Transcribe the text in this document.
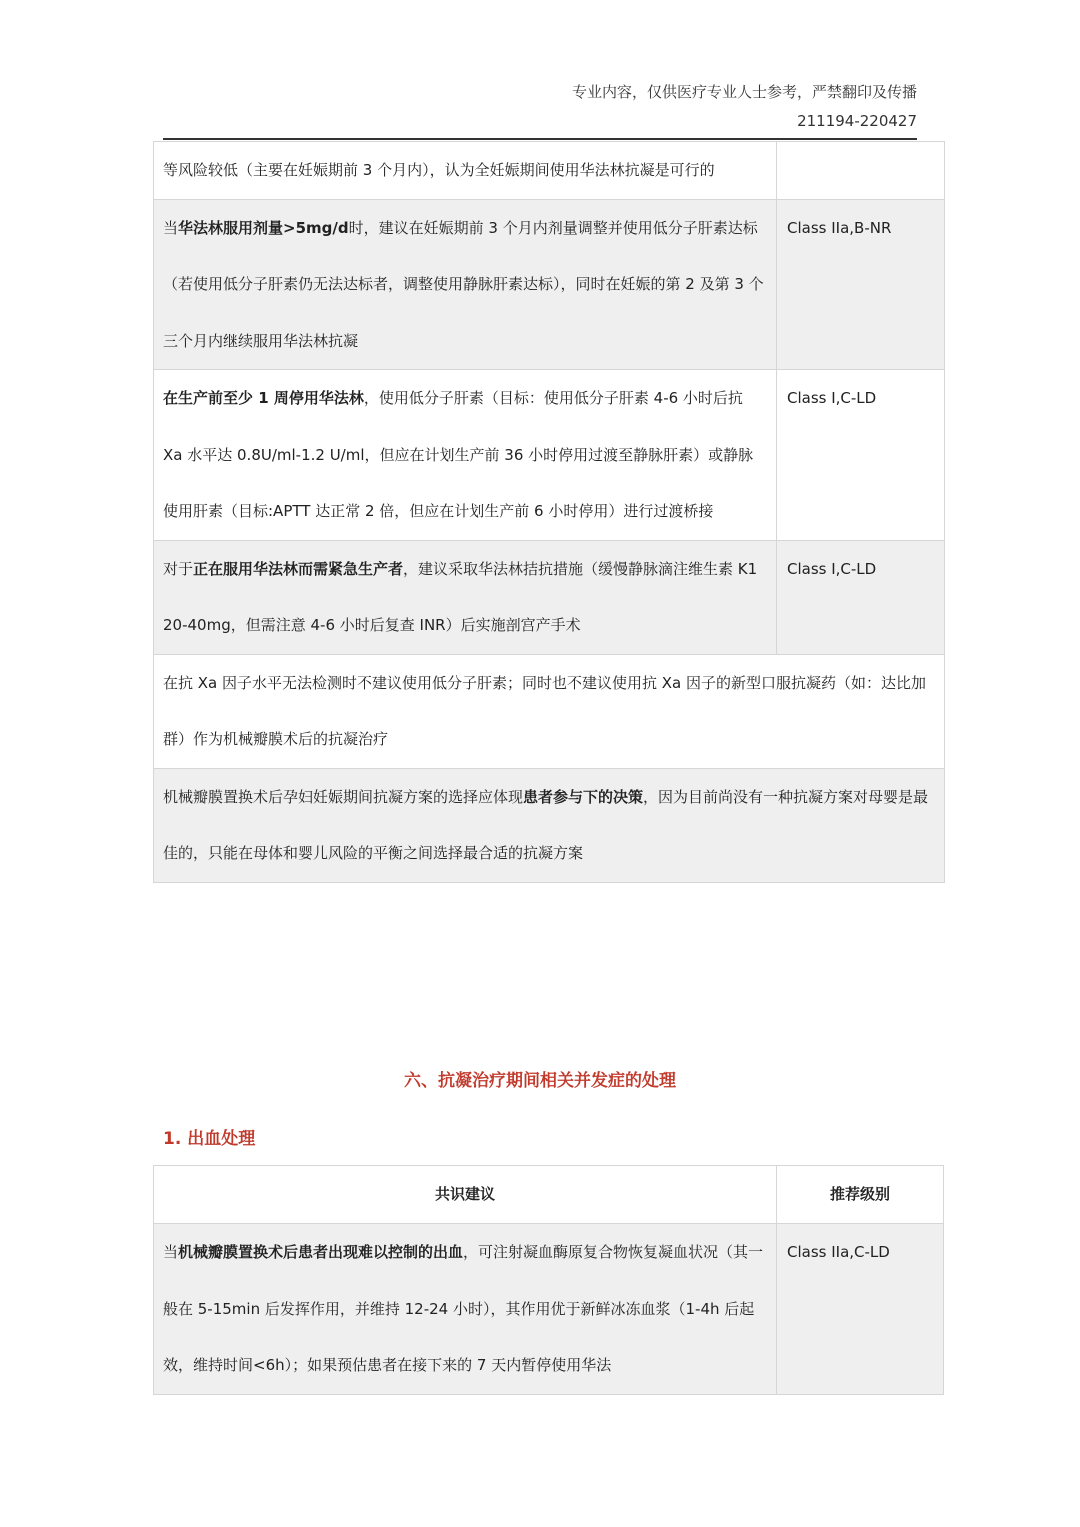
专业内容，仅供医疗专业人士参考，严禁翻印及传播
211194-220427
等风险较低（主要在妊娠期前 3 个月内），认为全妊娠期间使用华法林抗凝是可行的	

当华法林服用剂量>5mg/d时，建议在妊娠期前 3 个月内剂量调整并使用低分子肝素达标（若使用低分子肝素仍无法达标者，调整使用静脉肝素达标），同时在妊娠的第 2 及第 3 个三个月内继续服用华法林抗凝	Class IIa,B-NR

在生产前至少 1 周停用华法林，使用低分子肝素（目标：使用低分子肝素 4-6 小时后抗 Xa 水平达 0.8U/ml-1.2 U/ml，但应在计划生产前 36 小时停用过渡至静脉肝素）或静脉使用肝素（目标:APTT 达正常 2 倍，但应在计划生产前 6 小时停用）进行过渡桥接	Class I,C-LD

对于正在服用华法林而需紧急生产者，建议采取华法林拮抗措施（缓慢静脉滴注维生素 K1 20-40mg，但需注意 4-6 小时后复查 INR）后实施剖宫产手术	Class I,C-LD

在抗 Xa 因子水平无法检测时不建议使用低分子肝素；同时也不建议使用抗 Xa 因子的新型口服抗凝药（如：达比加群）作为机械瓣膜术后的抗凝治疗	

机械瓣膜置换术后孕妇妊娠期间抗凝方案的选择应体现患者参与下的决策，因为目前尚没有一种抗凝方案对母婴是最佳的，只能在母体和婴儿风险的平衡之间选择最合适的抗凝方案	
六、抗凝治疗期间相关并发症的处理
1. 出血处理
共识建议	推荐级别

当机械瓣膜置换术后患者出现难以控制的出血，可注射凝血酶原复合物恢复凝血状况（其一般在 5-15min 后发挥作用，并维持 12-24 小时），其作用优于新鲜冰冻血浆（1-4h 后起效，维持时间<6h）；如果预估患者在接下来的 7 天内暂停使用华法	Class IIa,C-LD
